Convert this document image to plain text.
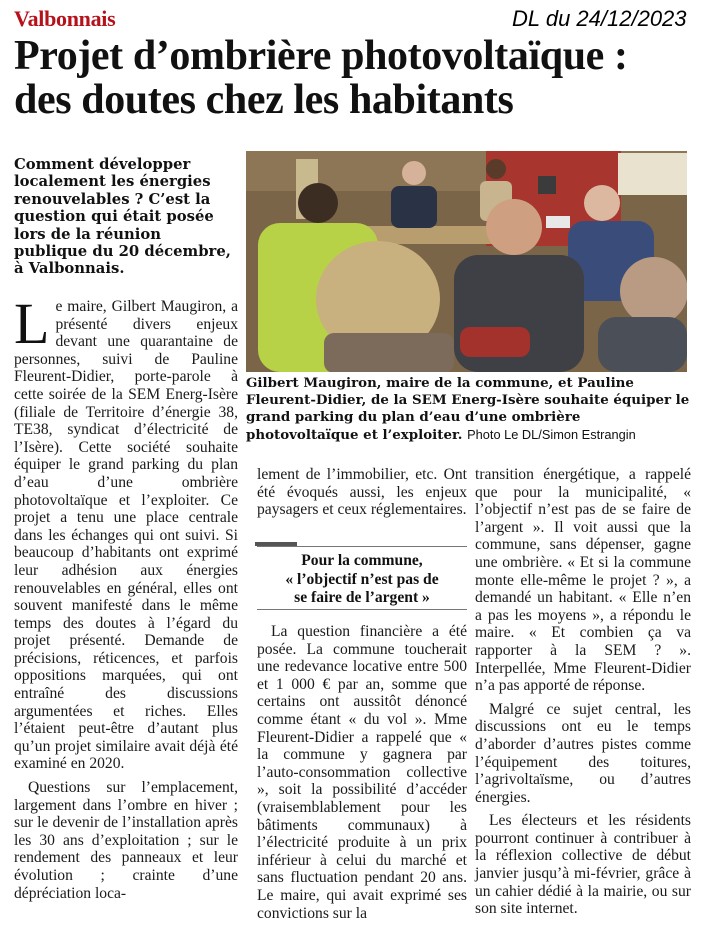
Valbonnais	DL du 24/12/2023
Projet d’ombrière photovoltaïque :
des doutes chez les habitants
Comment développer localement les énergies renouvelables ? C’est la question qui était posée lors de la réunion publique du 20 décembre, à Valbonnais.
Gilbert Maugiron, maire de la commune, et Pauline Fleurent-Didier, de la SEM Energ-Isère souhaite équiper le grand parking du plan d’eau d’une ombrière photovoltaïque et l’exploiter. Photo Le DL/Simon Estrangin

Le maire, Gilbert Maugiron, a présenté divers enjeux devant une quarantaine de personnes, suivi de Pauline Fleurent-Didier, porte-parole à cette soirée de la SEM Energ-Isère (filiale de Territoire d’énergie 38, TE38, syndicat d’électricité de l’Isère). Cette société souhaite équiper le grand parking du plan d’eau d’une ombrière photovoltaïque et l’exploiter. Ce projet a tenu une place centrale dans les échanges qui ont suivi. Si beaucoup d’habitants ont exprimé leur adhésion aux énergies renouvelables en général, elles ont souvent manifesté dans le même temps des doutes à l’égard du projet présenté. Demande de précisions, réticences, et parfois oppositions marquées, qui ont entraîné des discussions argumentées et riches. Elles l’étaient peut-être d’autant plus qu’un projet similaire avait déjà été examiné en 2020.

Questions sur l’emplacement, largement dans l’ombre en hiver ; sur le devenir de l’installation après les 30 ans d’exploitation ; sur le rendement des panneaux et leur évolution ; crainte d’une dépréciation loca-

lement de l’immobilier, etc. Ont été évoqués aussi, les enjeux paysagers et ceux réglementaires.

Pour la commune,
« l’objectif n’est pas de
se faire de l’argent »

La question financière a été posée. La commune toucherait une redevance locative entre 500 et 1 000 € par an, somme que certains ont aussitôt dénoncé comme étant « du vol ». Mme Fleurent-Didier a rappelé que « la commune y gagnera par l’auto-consommation collective », soit la possibilité d’accéder (vraisemblablement pour les bâtiments communaux) à l’électricité produite à un prix inférieur à celui du marché et sans fluctuation pendant 20 ans. Le maire, qui avait exprimé ses convictions sur la

transition énergétique, a rappelé que pour la municipalité, « l’objectif n’est pas de se faire de l’argent ». Il voit aussi que la commune, sans dépenser, gagne une ombrière. « Et si la commune monte elle-même le projet ? », a demandé un habitant. « Elle n’en a pas les moyens », a répondu le maire. « Et combien ça va rapporter à la SEM ? ». Interpellée, Mme Fleurent-Didier n’a pas apporté de réponse.

Malgré ce sujet central, les discussions ont eu le temps d’aborder d’autres pistes comme l’équipement des toitures, l’agrivoltaïsme, ou d’autres énergies.

Les électeurs et les résidents pourront continuer à contribuer à la réflexion collective de début janvier jusqu’à mi-février, grâce à un cahier dédié à la mairie, ou sur son site internet.
